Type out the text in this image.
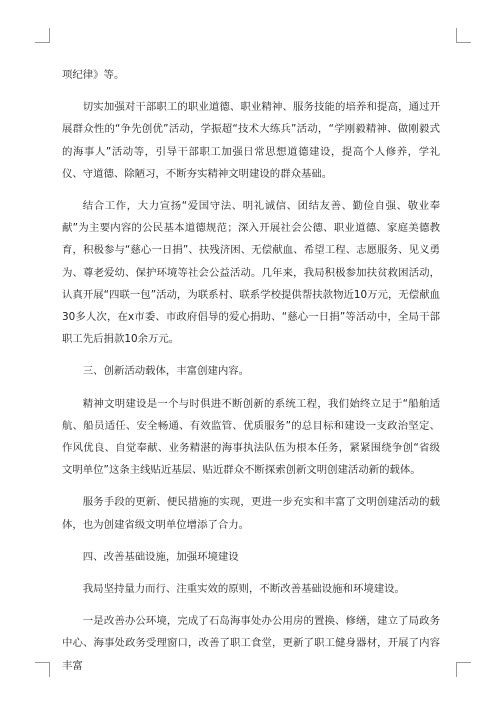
项纪律》等。

切实加强对干部职工的职业道德、职业精神、服务技能的培养和提高，通过开展群众性的“争先创优”活动，学振超“技术大练兵”活动，“学刚毅精神、做刚毅式的海事人”活动等，引导干部职工加强日常思想道德建设，提高个人修养，学礼仪、守道德、除陋习，不断夯实精神文明建设的群众基础。

结合工作，大力宣扬“爱国守法、明礼诚信、团结友善、勤俭自强、敬业奉献”为主要内容的公民基本道德规范；深入开展社会公德、职业道德、家庭美德教育，积极参与“慈心一日捐”、扶残济困、无偿献血、希望工程、志愿服务、见义勇为、尊老爱幼、保护环境等社会公益活动。几年来，我局积极参加扶贫救困活动，认真开展“四联一包”活动，为联系村、联系学校提供帮扶款物近10万元，无偿献血30多人次，在x市委、市政府倡导的爱心捐助、“慈心一日捐”等活动中，全局干部职工先后捐款10余万元。

三、创新活动载体，丰富创建内容。

精神文明建设是一个与时俱进不断创新的系统工程，我们始终立足于“船舶适航、船员适任、安全畅通、有效监管、优质服务”的总目标和建设一支政治坚定、作风优良、自觉奉献、业务精湛的海事执法队伍为根本任务，紧紧围绕争创“省级文明单位”这条主线贴近基层、贴近群众不断探索创新文明创建活动新的载体。

服务手段的更新、便民措施的实现，更进一步充实和丰富了文明创建活动的载体，也为创建省级文明单位增添了合力。

四、改善基础设施，加强环境建设

我局坚持量力而行、注重实效的原则，不断改善基础设施和环境建设。

一是改善办公环境，完成了石岛海事处办公用房的置换、修缮，建立了局政务中心、海事处政务受理窗口，改善了职工食堂，更新了职工健身器材，开展了内容丰富
